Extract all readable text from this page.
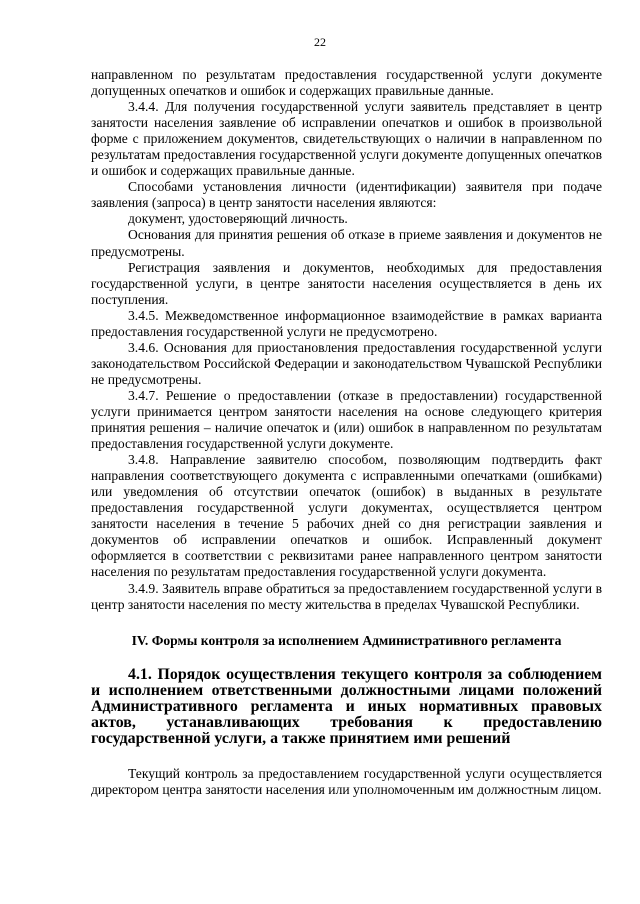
22

направленном по результатам предоставления государственной услуги документе допущенных опечатков и ошибок и содержащих правильные данные.

3.4.4. Для получения государственной услуги заявитель представляет в центр занятости населения заявление об исправлении опечатков и ошибок в произвольной форме с приложением документов, свидетельствующих о наличии в направленном по результатам предоставления государственной услуги документе допущенных опечатков и ошибок и содержащих правильные данные.

Способами установления личности (идентификации) заявителя при подаче заявления (запроса) в центр занятости населения являются:

документ, удостоверяющий личность.

Основания для принятия решения об отказе в приеме заявления и документов не предусмотрены.

Регистрация заявления и документов, необходимых для предоставления государственной услуги, в центре занятости населения осуществляется в день их поступления.

3.4.5. Межведомственное информационное взаимодействие в рамках варианта предоставления государственной услуги не предусмотрено.

3.4.6. Основания для приостановления предоставления государственной услуги законодательством Российской Федерации и законодательством Чувашской Республики не предусмотрены.

3.4.7. Решение о предоставлении (отказе в предоставлении) государственной услуги принимается центром занятости населения на основе следующего критерия принятия решения – наличие опечаток и (или) ошибок в направленном по результатам предоставления государственной услуги документе.

3.4.8. Направление заявителю способом, позволяющим подтвердить факт направления соответствующего документа с исправленными опечатками (ошибками) или уведомления об отсутствии опечаток (ошибок) в выданных в результате предоставления государственной услуги документах, осуществляется центром занятости населения в течение 5 рабочих дней со дня регистрации заявления и документов об исправлении опечатков и ошибок. Исправленный документ оформляется в соответствии с реквизитами ранее направленного центром занятости населения по результатам предоставления государственной услуги документа.

3.4.9. Заявитель вправе обратиться за предоставлением государственной услуги в центр занятости населения по месту жительства в пределах Чувашской Республики.

IV. Формы контроля за исполнением Административного регламента
4.1. Порядок осуществления текущего контроля за соблюдением и исполнением ответственными должностными лицами положений Административного регламента и иных нормативных правовых актов, устанавливающих требования к предоставлению государственной услуги, а также принятием ими решений

Текущий контроль за предоставлением государственной услуги осуществляется директором центра занятости населения или уполномоченным им должностным лицом.
